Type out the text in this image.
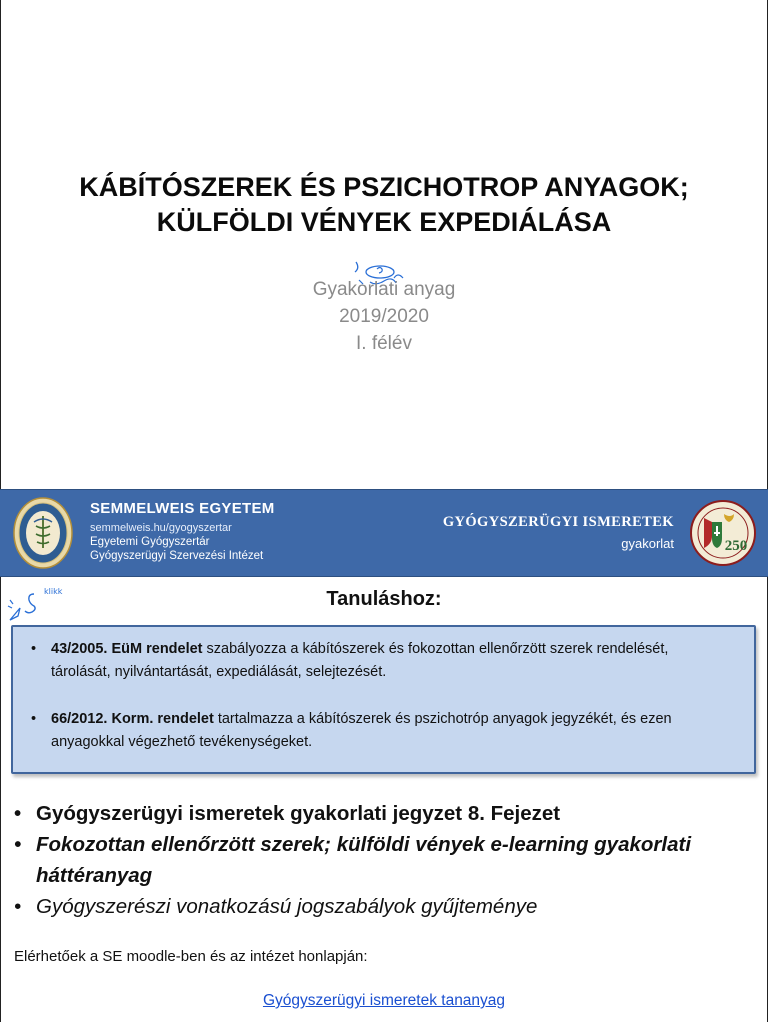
KÁBÍTÓSZEREK ÉS PSZICHOTROP ANYAGOK;
KÜLFÖLDI VÉNYEK EXPEDIÁLÁSA
Gyakorlati anyag
2019/2020
I. félév
SEMMELWEIS EGYETEM
semmelweis.hu/gyogyszertar
Egyetemi Gyógyszertár
Gyógyszerügyi Szervezési Intézet
GYÓGYSZERÜGYI ISMERETEK
gyakorlat	250
klikk	Tanuláshoz:
•	43/2005. EüM rendelet szabályozza a kábítószerek és fokozottan ellenőrzött szerek rendelését, tárolását, nyilvántartását, expediálását, selejtezését.
•	66/2012. Korm. rendelet tartalmazza a kábítószerek és pszichotróp anyagok jegyzékét, és ezen anyagokkal végezhető tevékenységeket.
• Gyógyszerügyi ismeretek gyakorlati jegyzet 8. Fejezet
• Fokozottan ellenőrzött szerek; külföldi vények e-learning gyakorlati háttéranyag
• Gyógyszerészi vonatkozású jogszabályok gyűjteménye
Elérhetőek a SE moodle-ben és az intézet honlapján:
Gyógyszerügyi ismeretek tananyag
